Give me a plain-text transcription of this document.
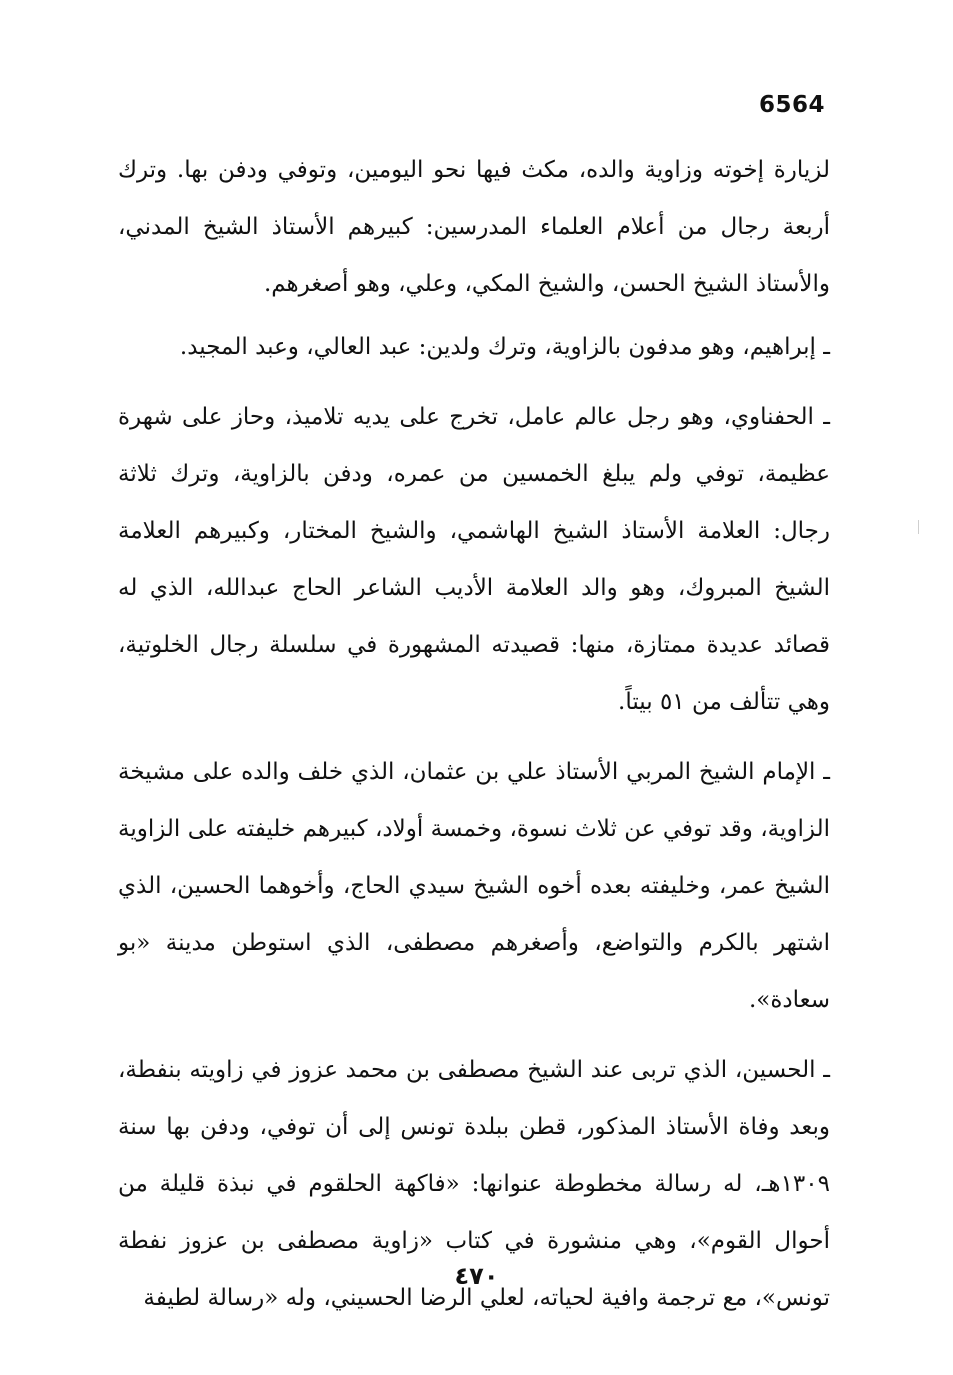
6564

لزيارة إخوته وزاوية والده، مكث فيها نحو اليومين، وتوفي ودفن بها. وترك أربعة رجال من أعلام العلماء المدرسين: كبيرهم الأستاذ الشيخ المدني، والأستاذ الشيخ الحسن، والشيخ المكي، وعلي، وهو أصغرهم.

ـ إبراهيم، وهو مدفون بالزاوية، وترك ولدين: عبد العالي، وعبد المجيد.

ـ الحفناوي، وهو رجل عالم عامل، تخرج على يديه تلاميذ، وحاز على شهرة عظيمة، توفي ولم يبلغ الخمسين من عمره، ودفن بالزاوية، وترك ثلاثة رجال: العلامة الأستاذ الشيخ الهاشمي، والشيخ المختار، وكبيرهم العلامة الشيخ المبروك، وهو والد العلامة الأديب الشاعر الحاج عبدالله، الذي له قصائد عديدة ممتازة، منها: قصيدته المشهورة في سلسلة رجال الخلوتية، وهي تتألف من ٥١ بيتاً.

ـ الإمام الشيخ المربي الأستاذ علي بن عثمان، الذي خلف والده على مشيخة الزاوية، وقد توفي عن ثلاث نسوة، وخمسة أولاد، كبيرهم خليفته على الزاوية الشيخ عمر، وخليفته بعده أخوه الشيخ سيدي الحاج، وأخوهما الحسين، الذي اشتهر بالكرم والتواضع، وأصغرهم مصطفى، الذي استوطن مدينة «بو سعادة».

ـ الحسين، الذي تربى عند الشيخ مصطفى بن محمد عزوز في زاويته بنفطة، وبعد وفاة الأستاذ المذكور، قطن ببلدة تونس إلى أن توفي، ودفن بها سنة ١٣٠٩هـ، له رسالة مخطوطة عنوانها: «فاكهة الحلقوم في نبذة قليلة من أحوال القوم»، وهي منشورة في كتاب «زاوية مصطفى بن عزوز نفطة تونس»، مع ترجمة وافية لحياته، لعلي الرضا الحسيني، وله «رسالة لطيفة

٤٧٠
